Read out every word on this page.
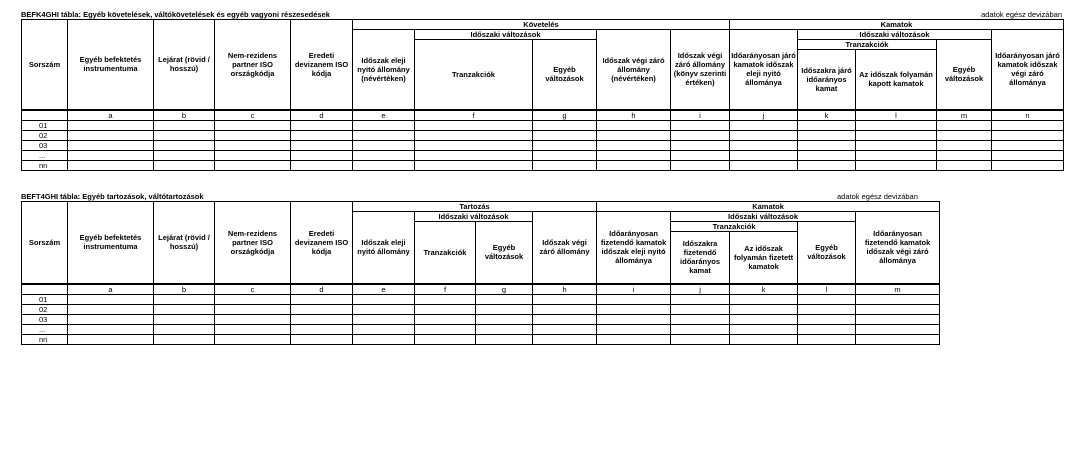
BEFK4GHI tábla: Egyéb követelések, váltókövetelések és egyéb vagyoni részesedések	adatok egész devizában
Sorszám	Egyéb befektetés instrumentuma	Lejárat (rövid / hosszú)	Nem-rezidens partner ISO országkódja	Eredeti devizanem ISO kódja	Követelés					Kamatok				
					Időszak eleji nyitó állomány (névértéken)	Időszaki változások		Időszak végi záró állomány (névértéken)	Időszak végi záró állomány (könyv szerinti értéken)	Időarányosan járó kamatok időszak eleji nyitó állománya	Időszaki változások			Időarányosan járó kamatok időszak végi záró állománya
						Tranzakciók	Egyéb változások				Tranzakciók		Egyéb változások	
											Időszakra járó időarányos kamat	Az időszak folyamán kapott kamatok		
	a	b	c	d	e	f	g	h	i	j	k	l	m	n
01														
02														
03														
...														
nn														
BEFT4GHI tábla: Egyéb tartozások, váltótartozások	adatok egész devizában
Sorszám	Egyéb befektetés instrumentuma	Lejárat (rövid / hosszú)	Nem-rezidens partner ISO országkódja	Eredeti devizanem ISO kódja	Tartozás				Kamatok				
					Időszak eleji nyitó állomány	Időszaki változások		Időszak végi záró állomány	Időarányosan fizetendő kamatok időszak eleji nyitó állománya	Időszaki változások			Időarányosan fizetendő kamatok időszak végi záró állománya
						Tranzakciók	Egyéb változások			Tranzakciók		Egyéb változások	
										Időszakra fizetendő időarányos kamat	Az időszak folyamán fizetett kamatok		
	a	b	c	d	e	f	g	h	i	j	k	l	m
01													
02													
03													
...													
nn													
